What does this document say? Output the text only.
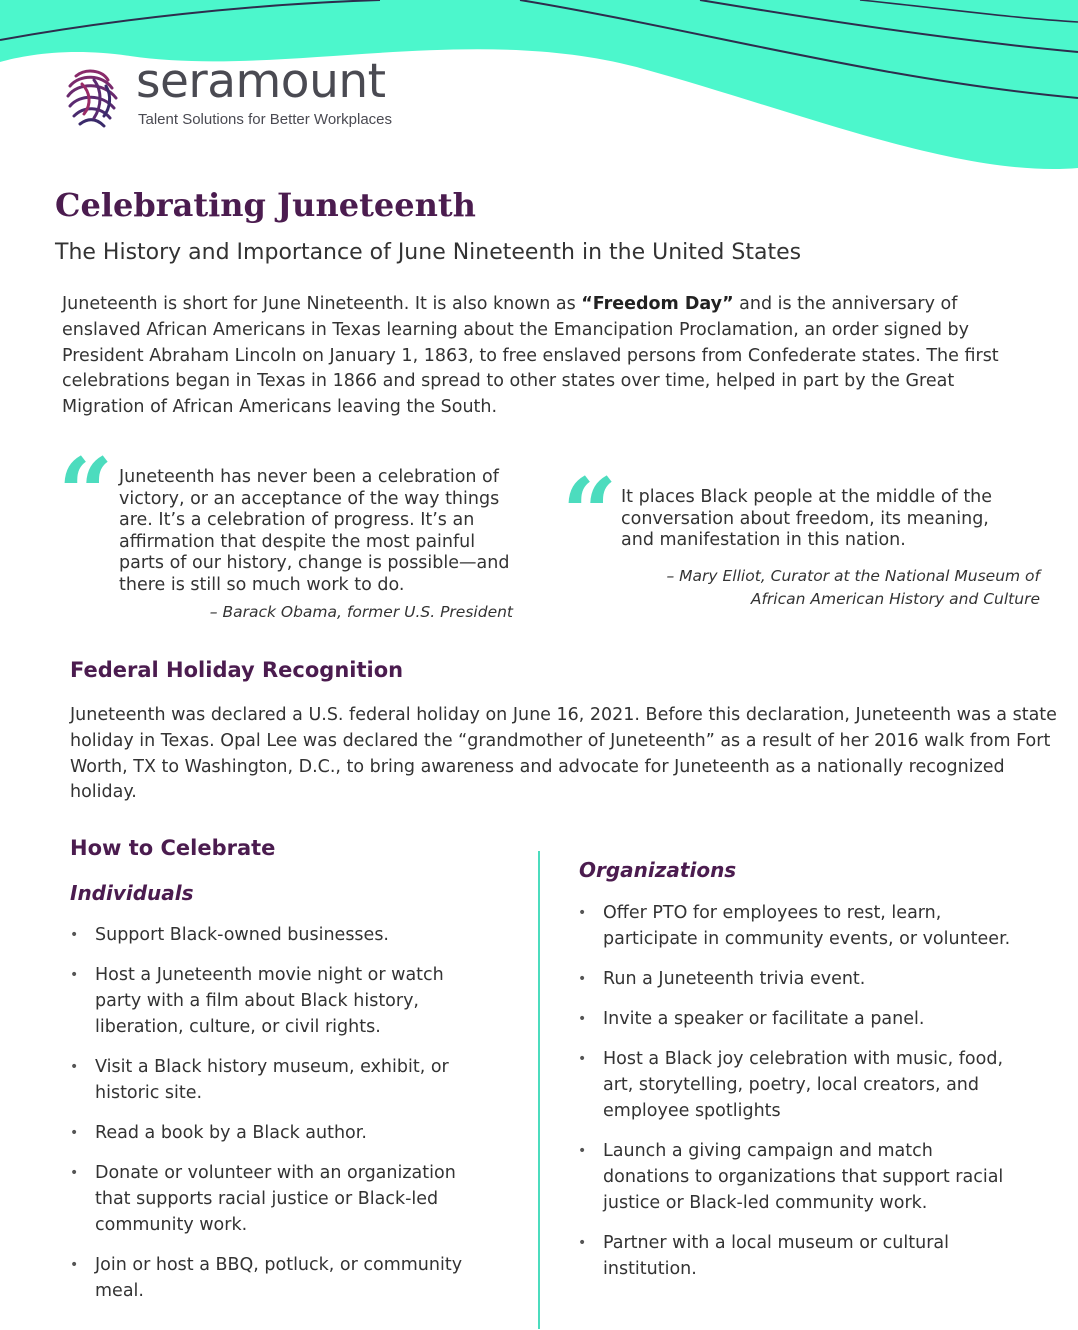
seramount
Talent Solutions for Better Workplaces
Celebrating Juneteenth
The History and Importance of June Nineteenth in the United States

Juneteenth is short for June Nineteenth. It is also known as “Freedom Day” and is the anniversary of enslaved African Americans in Texas learning about the Emancipation Proclamation, an order signed by President Abraham Lincoln on January 1, 1863, to free enslaved persons from Confederate states. The first celebrations began in Texas in 1866 and spread to other states over time, helped in part by the Great Migration of African Americans leaving the South.

“ Juneteenth has never been a celebration of victory, or an acceptance of the way things are. It’s a celebration of progress. It’s an affirmation that despite the most painful parts of our history, change is possible—and there is still so much work to do.
– Barack Obama, former U.S. President
“ It places Black people at the middle of the conversation about freedom, its meaning, and manifestation in this nation.
– Mary Elliot, Curator at the National Museum of African American History and Culture
Federal Holiday Recognition

Juneteenth was declared a U.S. federal holiday on June 16, 2021. Before this declaration, Juneteenth was a state holiday in Texas. Opal Lee was declared the “grandmother of Juneteenth” as a result of her 2016 walk from Fort Worth, TX to Washington, D.C., to bring awareness and advocate for Juneteenth as a nationally recognized holiday.

How to Celebrate
Individuals
• Support Black-owned businesses.
• Host a Juneteenth movie night or watch party with a film about Black history, liberation, culture, or civil rights.
• Visit a Black history museum, exhibit, or historic site.
• Read a book by a Black author.
• Donate or volunteer with an organization that supports racial justice or Black-led community work.
• Join or host a BBQ, potluck, or community meal.
Organizations
• Offer PTO for employees to rest, learn, participate in community events, or volunteer.
• Run a Juneteenth trivia event.
• Invite a speaker or facilitate a panel.
• Host a Black joy celebration with music, food, art, storytelling, poetry, local creators, and employee spotlights
• Launch a giving campaign and match donations to organizations that support racial justice or Black-led community work.
• Partner with a local museum or cultural institution.
